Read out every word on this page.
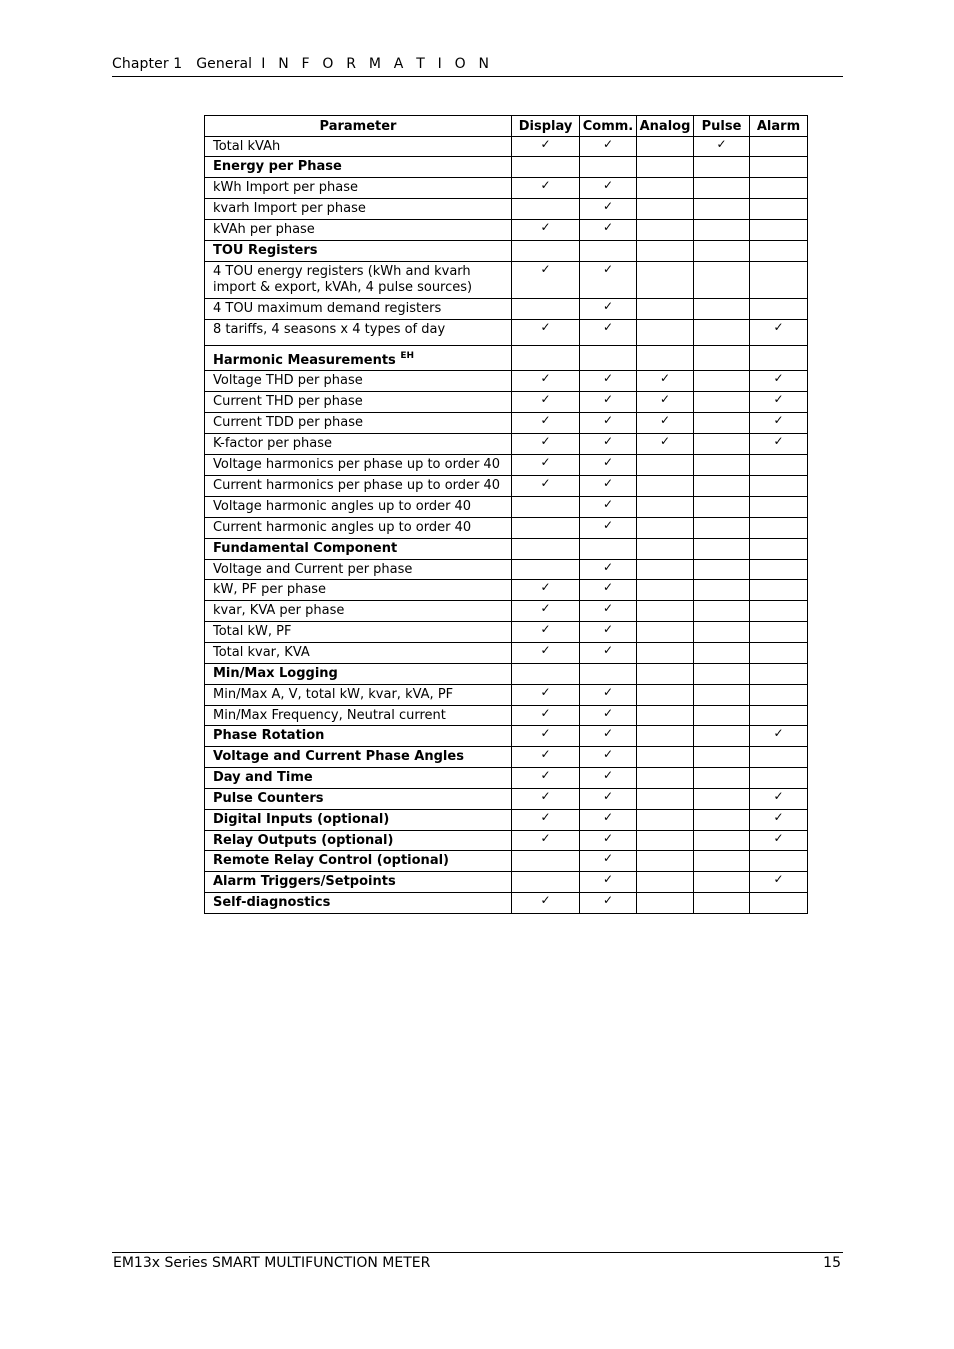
Chapter 1 General I N F O R M A T I O N
Parameter	Display	Comm.	Analog	Pulse	Alarm
Total kVAh	✓	✓		✓	
Energy per Phase					
kWh Import per phase	✓	✓			
kvarh Import per phase		✓			
kVAh per phase	✓	✓			
TOU Registers					
4 TOU energy registers (kWh and kvarh import & export, kVAh, 4 pulse sources)	✓	✓			
4 TOU maximum demand registers		✓			
8 tariffs, 4 seasons x 4 types of day	✓	✓			✓
Harmonic Measurements $^{EH}$					
Voltage THD per phase	✓	✓	✓		✓
Current THD per phase	✓	✓	✓		✓
Current TDD per phase	✓	✓	✓		✓
K-factor per phase	✓	✓	✓		✓
Voltage harmonics per phase up to order 40	✓	✓			
Current harmonics per phase up to order 40	✓	✓			
Voltage harmonic angles up to order 40		✓			
Current harmonic angles up to order 40		✓			
Fundamental Component					
Voltage and Current per phase		✓			
kW, PF per phase	✓	✓			
kvar, KVA per phase	✓	✓			
Total kW, PF	✓	✓			
Total kvar, KVA	✓	✓			
Min/Max Logging					
Min/Max A, V, total kW, kvar, kVA, PF	✓	✓			
Min/Max Frequency, Neutral current	✓	✓			
Phase Rotation	✓	✓			✓
Voltage and Current Phase Angles	✓	✓			
Day and Time	✓	✓			
Pulse Counters	✓	✓			✓
Digital Inputs (optional)	✓	✓			✓
Relay Outputs (optional)	✓	✓			✓
Remote Relay Control (optional)		✓			
Alarm Triggers/Setpoints		✓			✓
Self-diagnostics	✓	✓			
EM13x Series SMART MULTIFUNCTION METER	15
